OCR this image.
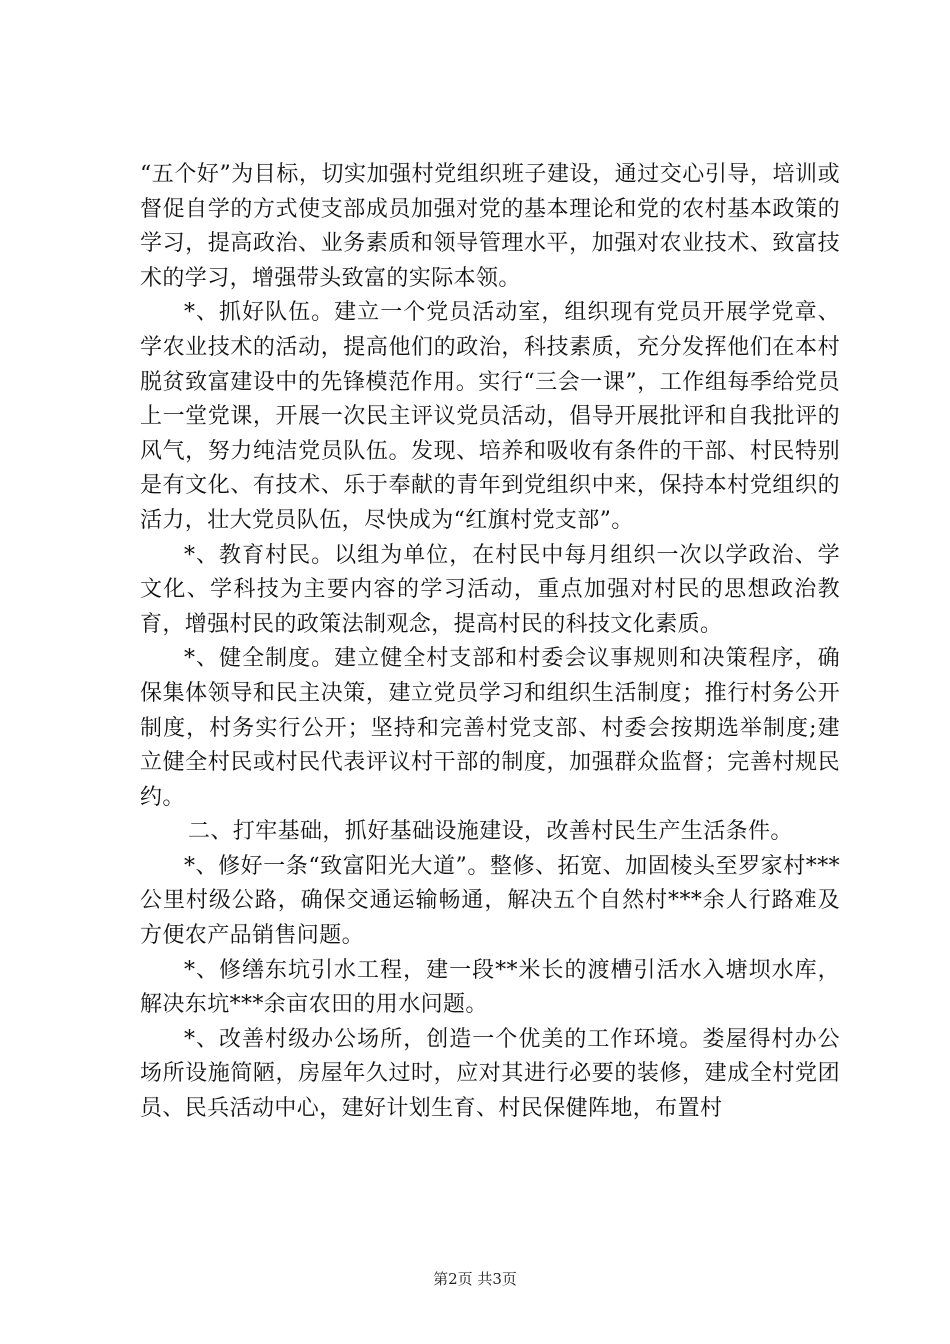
“五个好”为目标，切实加强村党组织班子建设，通过交心引导，培训或督促自学的方式使支部成员加强对党的基本理论和党的农村基本政策的学习，提高政治、业务素质和领导管理水平，加强对农业技术、致富技术的学习，增强带头致富的实际本领。

*、抓好队伍。建立一个党员活动室，组织现有党员开展学党章、学农业技术的活动，提高他们的政治，科技素质，充分发挥他们在本村脱贫致富建设中的先锋模范作用。实行“三会一课”，工作组每季给党员上一堂党课，开展一次民主评议党员活动，倡导开展批评和自我批评的风气，努力纯洁党员队伍。发现、培养和吸收有条件的干部、村民特别是有文化、有技术、乐于奉献的青年到党组织中来，保持本村党组织的活力，壮大党员队伍，尽快成为“红旗村党支部”。

*、教育村民。以组为单位，在村民中每月组织一次以学政治、学文化、学科技为主要内容的学习活动，重点加强对村民的思想政治教育，增强村民的政策法制观念，提高村民的科技文化素质。

*、健全制度。建立健全村支部和村委会议事规则和决策程序，确保集体领导和民主决策，建立党员学习和组织生活制度；推行村务公开制度，村务实行公开；坚持和完善村党支部、村委会按期选举制度;建立健全村民或村民代表评议村干部的制度，加强群众监督；完善村规民约。

二、打牢基础，抓好基础设施建设，改善村民生产生活条件。

*、修好一条“致富阳光大道”。整修、拓宽、加固棱头至罗家村***公里村级公路，确保交通运输畅通，解决五个自然村***余人行路难及方便农产品销售问题。

*、修缮东坑引水工程，建一段**米长的渡槽引活水入塘坝水库，解决东坑***余亩农田的用水问题。

*、改善村级办公场所，创造一个优美的工作环境。娄屋得村办公场所设施简陋，房屋年久过时，应对其进行必要的装修，建成全村党团员、民兵活动中心，建好计划生育、村民保健阵地，布置村

第2页 共3页
